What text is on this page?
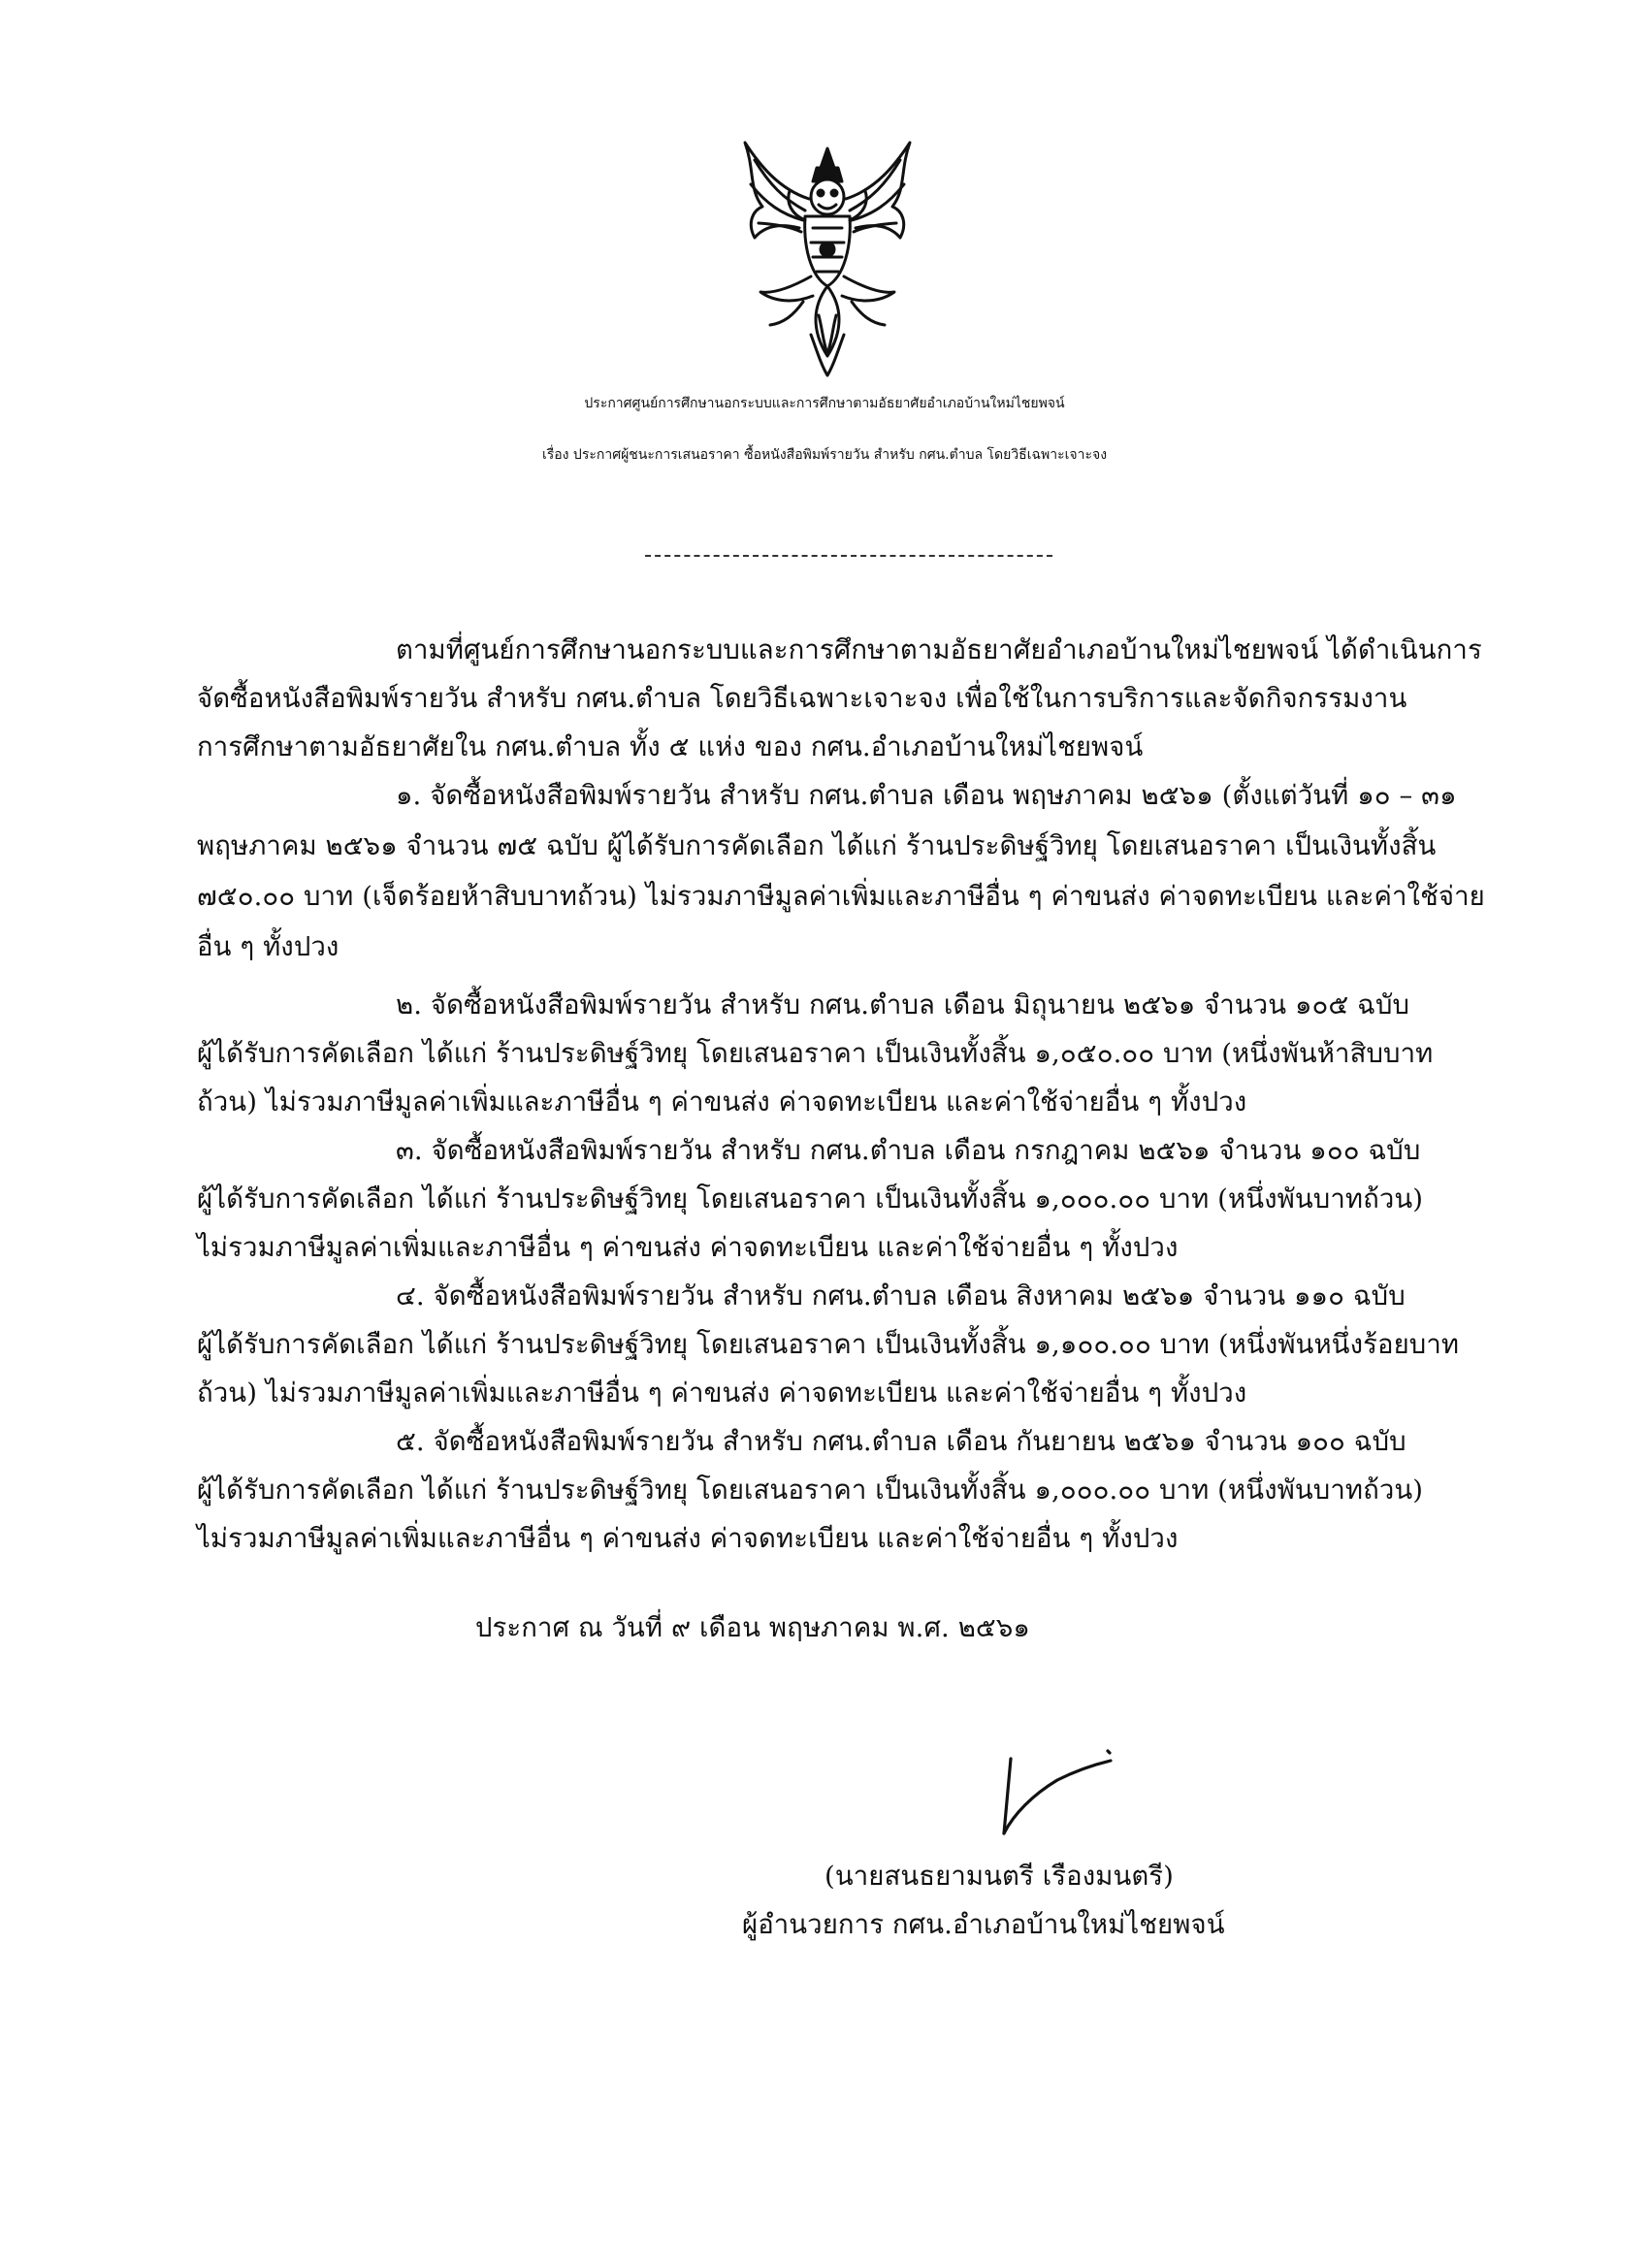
ประกาศศูนย์การศึกษานอกระบบและการศึกษาตามอัธยาศัยอำเภอบ้านใหม่ไชยพจน์
เรื่อง ประกาศผู้ชนะการเสนอราคา ซื้อหนังสือพิมพ์รายวัน สำหรับ กศน.ตำบล โดยวิธีเฉพาะเจาะจง
ตามที่ศูนย์การศึกษานอกระบบและการศึกษาตามอัธยาศัยอำเภอบ้านใหม่ไชยพจน์ ได้ดำเนินการ
จัดซื้อหนังสือพิมพ์รายวัน สำหรับ กศน.ตำบล โดยวิธีเฉพาะเจาะจง เพื่อใช้ในการบริการและจัดกิจกรรมงาน
การศึกษาตามอัธยาศัยใน กศน.ตำบล ทั้ง ๕ แห่ง ของ กศน.อำเภอบ้านใหม่ไชยพจน์
๑. จัดซื้อหนังสือพิมพ์รายวัน สำหรับ กศน.ตำบล เดือน พฤษภาคม ๒๕๖๑ (ตั้งแต่วันที่ ๑๐ – ๓๑
พฤษภาคม ๒๕๖๑ จำนวน ๗๕ ฉบับ ผู้ได้รับการคัดเลือก ได้แก่ ร้านประดิษฐ์วิทยุ โดยเสนอราคา เป็นเงินทั้งสิ้น
๗๕๐.๐๐ บาท (เจ็ดร้อยห้าสิบบาทถ้วน) ไม่รวมภาษีมูลค่าเพิ่มและภาษีอื่น ๆ ค่าขนส่ง ค่าจดทะเบียน และค่าใช้จ่าย
อื่น ๆ ทั้งปวง
๒. จัดซื้อหนังสือพิมพ์รายวัน สำหรับ กศน.ตำบล เดือน มิถุนายน ๒๕๖๑ จำนวน ๑๐๕ ฉบับ
ผู้ได้รับการคัดเลือก ได้แก่ ร้านประดิษฐ์วิทยุ โดยเสนอราคา เป็นเงินทั้งสิ้น ๑,๐๕๐.๐๐ บาท (หนึ่งพันห้าสิบบาท
ถ้วน) ไม่รวมภาษีมูลค่าเพิ่มและภาษีอื่น ๆ ค่าขนส่ง ค่าจดทะเบียน และค่าใช้จ่ายอื่น ๆ ทั้งปวง
๓. จัดซื้อหนังสือพิมพ์รายวัน สำหรับ กศน.ตำบล เดือน กรกฎาคม ๒๕๖๑ จำนวน ๑๐๐ ฉบับ
ผู้ได้รับการคัดเลือก ได้แก่ ร้านประดิษฐ์วิทยุ โดยเสนอราคา เป็นเงินทั้งสิ้น ๑,๐๐๐.๐๐ บาท (หนึ่งพันบาทถ้วน)
ไม่รวมภาษีมูลค่าเพิ่มและภาษีอื่น ๆ ค่าขนส่ง ค่าจดทะเบียน และค่าใช้จ่ายอื่น ๆ ทั้งปวง
๔. จัดซื้อหนังสือพิมพ์รายวัน สำหรับ กศน.ตำบล เดือน สิงหาคม ๒๕๖๑ จำนวน ๑๑๐ ฉบับ
ผู้ได้รับการคัดเลือก ได้แก่ ร้านประดิษฐ์วิทยุ โดยเสนอราคา เป็นเงินทั้งสิ้น ๑,๑๐๐.๐๐ บาท (หนึ่งพันหนึ่งร้อยบาท
ถ้วน) ไม่รวมภาษีมูลค่าเพิ่มและภาษีอื่น ๆ ค่าขนส่ง ค่าจดทะเบียน และค่าใช้จ่ายอื่น ๆ ทั้งปวง
๕. จัดซื้อหนังสือพิมพ์รายวัน สำหรับ กศน.ตำบล เดือน กันยายน ๒๕๖๑ จำนวน ๑๐๐ ฉบับ
ผู้ได้รับการคัดเลือก ได้แก่ ร้านประดิษฐ์วิทยุ โดยเสนอราคา เป็นเงินทั้งสิ้น ๑,๐๐๐.๐๐ บาท (หนึ่งพันบาทถ้วน)
ไม่รวมภาษีมูลค่าเพิ่มและภาษีอื่น ๆ ค่าขนส่ง ค่าจดทะเบียน และค่าใช้จ่ายอื่น ๆ ทั้งปวง
ประกาศ ณ วันที่ ๙ เดือน พฤษภาคม พ.ศ. ๒๕๖๑
(นายสนธยามนตรี เรืองมนตรี)
ผู้อำนวยการ กศน.อำเภอบ้านใหม่ไชยพจน์
